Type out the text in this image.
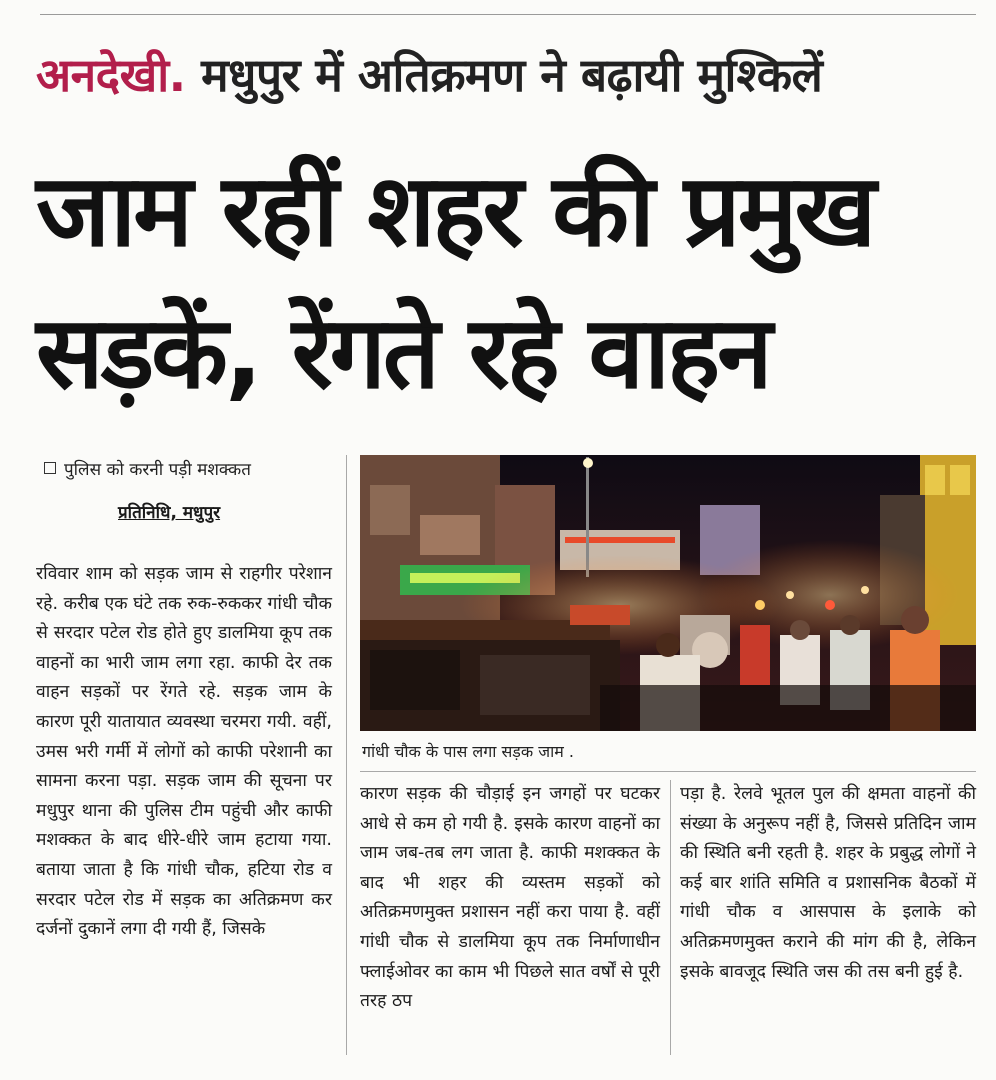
अनदेखी. मधुपुर में अतिक्रमण ने बढ़ायी मुश्किलें
जाम रहीं शहर की प्रमुख
सड़कें, रेंगते रहे वाहन
पुलिस को करनी पड़ी मशक्कत
प्रतिनिधि, मधुपुर
रविवार शाम को सड़क जाम से राहगीर परेशान रहे. करीब एक घंटे तक रुक-रुककर गांधी चौक से सरदार पटेल रोड होते हुए डालमिया कूप तक वाहनों का भारी जाम लगा रहा. काफी देर तक वाहन सड़कों पर रेंगते रहे. सड़क जाम के कारण पूरी यातायात व्यवस्था चरमरा गयी. वहीं, उमस भरी गर्मी में लोगों को काफी परेशानी का सामना करना पड़ा. सड़क जाम की सूचना पर मधुपुर थाना की पुलिस टीम पहुंची और काफी मशक्कत के बाद धीरे-धीरे जाम हटाया गया. बताया जाता है कि गांधी चौक, हटिया रोड व सरदार पटेल रोड में सड़क का अतिक्रमण कर दर्जनों दुकानें लगा दी गयी हैं, जिसके
गांधी चौक के पास लगा सड़क जाम .
कारण सड़क की चौड़ाई इन जगहों पर घटकर आधे से कम हो गयी है. इसके कारण वाहनों का जाम जब-तब लग जाता है. काफी मशक्कत के बाद भी शहर की व्यस्तम सड़कों को अतिक्रमणमुक्त प्रशासन नहीं करा पाया है. वहीं गांधी चौक से डालमिया कूप तक निर्माणाधीन फ्लाईओवर का काम भी पिछले सात वर्षों से पूरी तरह ठप
पड़ा है. रेलवे भूतल पुल की क्षमता वाहनों की संख्या के अनुरूप नहीं है, जिससे प्रतिदिन जाम की स्थिति बनी रहती है. शहर के प्रबुद्ध लोगों ने कई बार शांति समिति व प्रशासनिक बैठकों में गांधी चौक व आसपास के इलाके को अतिक्रमणमुक्त कराने की मांग की है, लेकिन इसके बावजूद स्थिति जस की तस बनी हुई है.
